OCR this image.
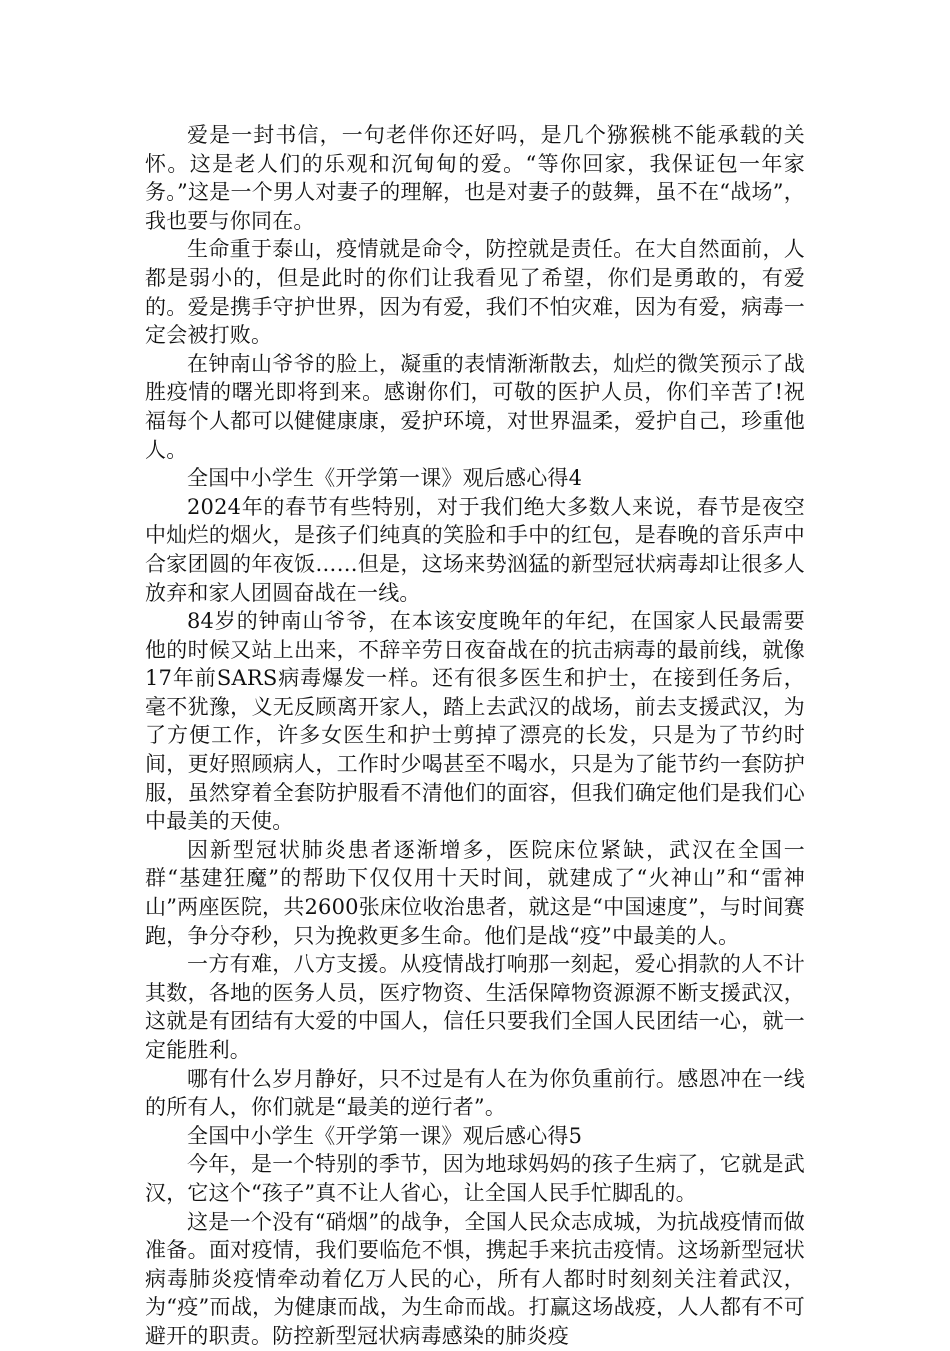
爱是一封书信，一句老伴你还好吗，是几个猕猴桃不能承载的关怀。这是老人们的乐观和沉甸甸的爱。“等你回家，我保证包一年家务。”这是一个男人对妻子的理解，也是对妻子的鼓舞，虽不在“战场”，我也要与你同在。

生命重于泰山，疫情就是命令，防控就是责任。在大自然面前，人都是弱小的，但是此时的你们让我看见了希望，你们是勇敢的，有爱的。爱是携手守护世界，因为有爱，我们不怕灾难，因为有爱，病毒一定会被打败。

在钟南山爷爷的脸上，凝重的表情渐渐散去，灿烂的微笑预示了战胜疫情的曙光即将到来。感谢你们，可敬的医护人员，你们辛苦了!祝福每个人都可以健健康康，爱护环境，对世界温柔，爱护自己，珍重他人。

全国中小学生《开学第一课》观后感心得4

2024年的春节有些特别，对于我们绝大多数人来说，春节是夜空中灿烂的烟火，是孩子们纯真的笑脸和手中的红包，是春晚的音乐声中合家团圆的年夜饭……但是，这场来势汹猛的新型冠状病毒却让很多人放弃和家人团圆奋战在一线。

84岁的钟南山爷爷，在本该安度晚年的年纪，在国家人民最需要他的时候又站上出来，不辞辛劳日夜奋战在的抗击病毒的最前线，就像17年前SARS病毒爆发一样。还有很多医生和护士，在接到任务后，毫不犹豫，义无反顾离开家人，踏上去武汉的战场，前去支援武汉，为了方便工作，许多女医生和护士剪掉了漂亮的长发，只是为了节约时间，更好照顾病人，工作时少喝甚至不喝水，只是为了能节约一套防护服，虽然穿着全套防护服看不清他们的面容，但我们确定他们是我们心中最美的天使。

因新型冠状肺炎患者逐渐增多，医院床位紧缺，武汉在全国一群“基建狂魔”的帮助下仅仅用十天时间，就建成了“火神山”和“雷神山”两座医院，共2600张床位收治患者，就这是“中国速度”，与时间赛跑，争分夺秒，只为挽救更多生命。他们是战“疫”中最美的人。

一方有难，八方支援。从疫情战打响那一刻起，爱心捐款的人不计其数，各地的医务人员，医疗物资、生活保障物资源源不断支援武汉，这就是有团结有大爱的中国人，信任只要我们全国人民团结一心，就一定能胜利。

哪有什么岁月静好，只不过是有人在为你负重前行。感恩冲在一线的所有人，你们就是“最美的逆行者”。

全国中小学生《开学第一课》观后感心得5

今年，是一个特别的季节，因为地球妈妈的孩子生病了，它就是武汉，它这个“孩子”真不让人省心，让全国人民手忙脚乱的。

这是一个没有“硝烟”的战争，全国人民众志成城，为抗战疫情而做准备。面对疫情，我们要临危不惧，携起手来抗击疫情。这场新型冠状病毒肺炎疫情牵动着亿万人民的心，所有人都时时刻刻关注着武汉，为“疫”而战，为健康而战，为生命而战。打赢这场战疫，人人都有不可避开的职责。防控新型冠状病毒感染的肺炎疫
